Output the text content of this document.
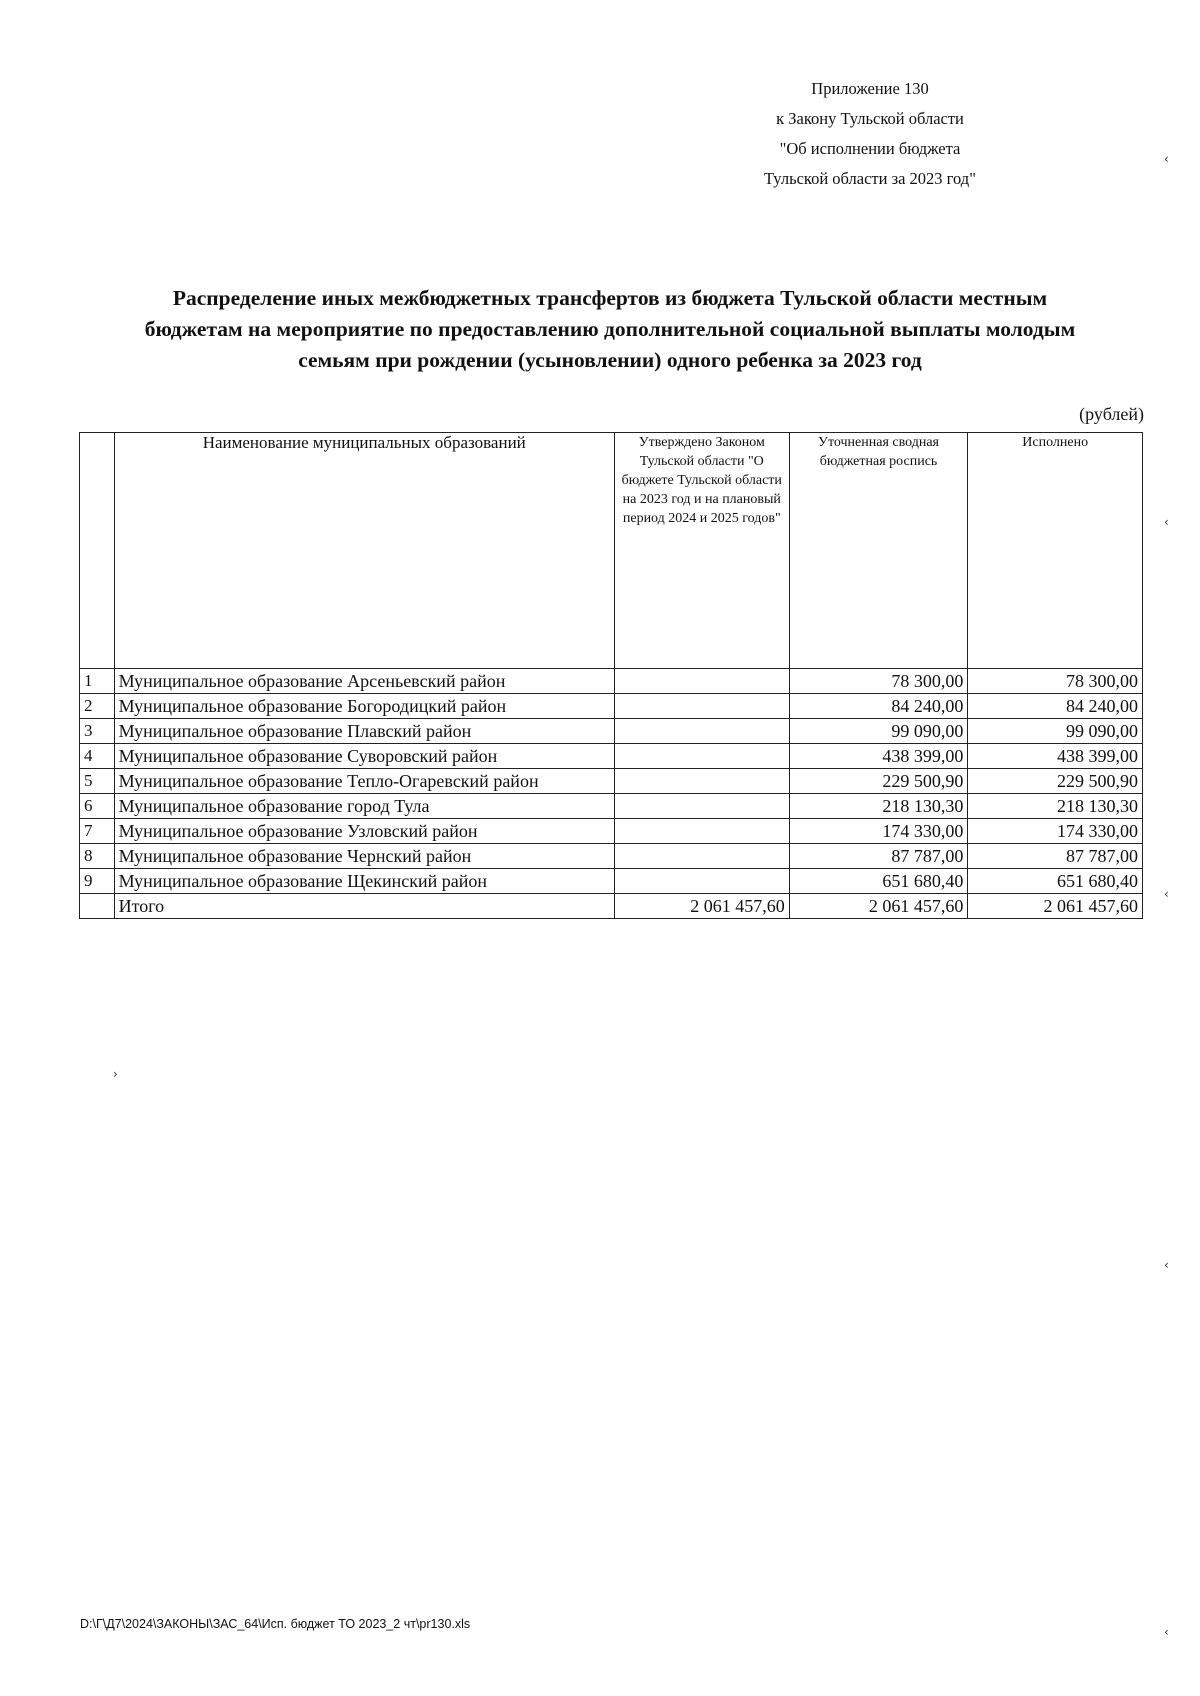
Приложение 130
к Закону Тульской области
"Об исполнении бюджета
Тульской области за 2023 год"
Распределение иных межбюджетных трансфертов из бюджета Тульской области местным
бюджетам на мероприятие по предоставлению дополнительной социальной выплаты молодым
семьям при рождении (усыновлении) одного ребенка за 2023 год
(рублей)
	Наименование муниципальных образований	Утверждено Законом Тульской области "О бюджете Тульской области на 2023 год и на плановый период 2024 и 2025 годов"	Уточненная сводная бюджетная роспись	Исполнено
1	Муниципальное образование Арсеньевский район		78 300,00	78 300,00
2	Муниципальное образование Богородицкий район		84 240,00	84 240,00
3	Муниципальное образование Плавский район		99 090,00	99 090,00
4	Муниципальное образование Суворовский район		438 399,00	438 399,00
5	Муниципальное образование Тепло-Огаревский район		229 500,90	229 500,90
6	Муниципальное образование город Тула		218 130,30	218 130,30
7	Муниципальное образование Узловский район		174 330,00	174 330,00
8	Муниципальное образование Чернский район		87 787,00	87 787,00
9	Муниципальное образование Щекинский район		651 680,40	651 680,40
	Итого	2 061 457,60	2 061 457,60	2 061 457,60
D:\Г\Д7\2024\ЗАКОНЫ\ЗАС_64\Исп. бюджет ТО 2023_2 чт\pr130.xls
‹
‹
‹
‹
‹
›
